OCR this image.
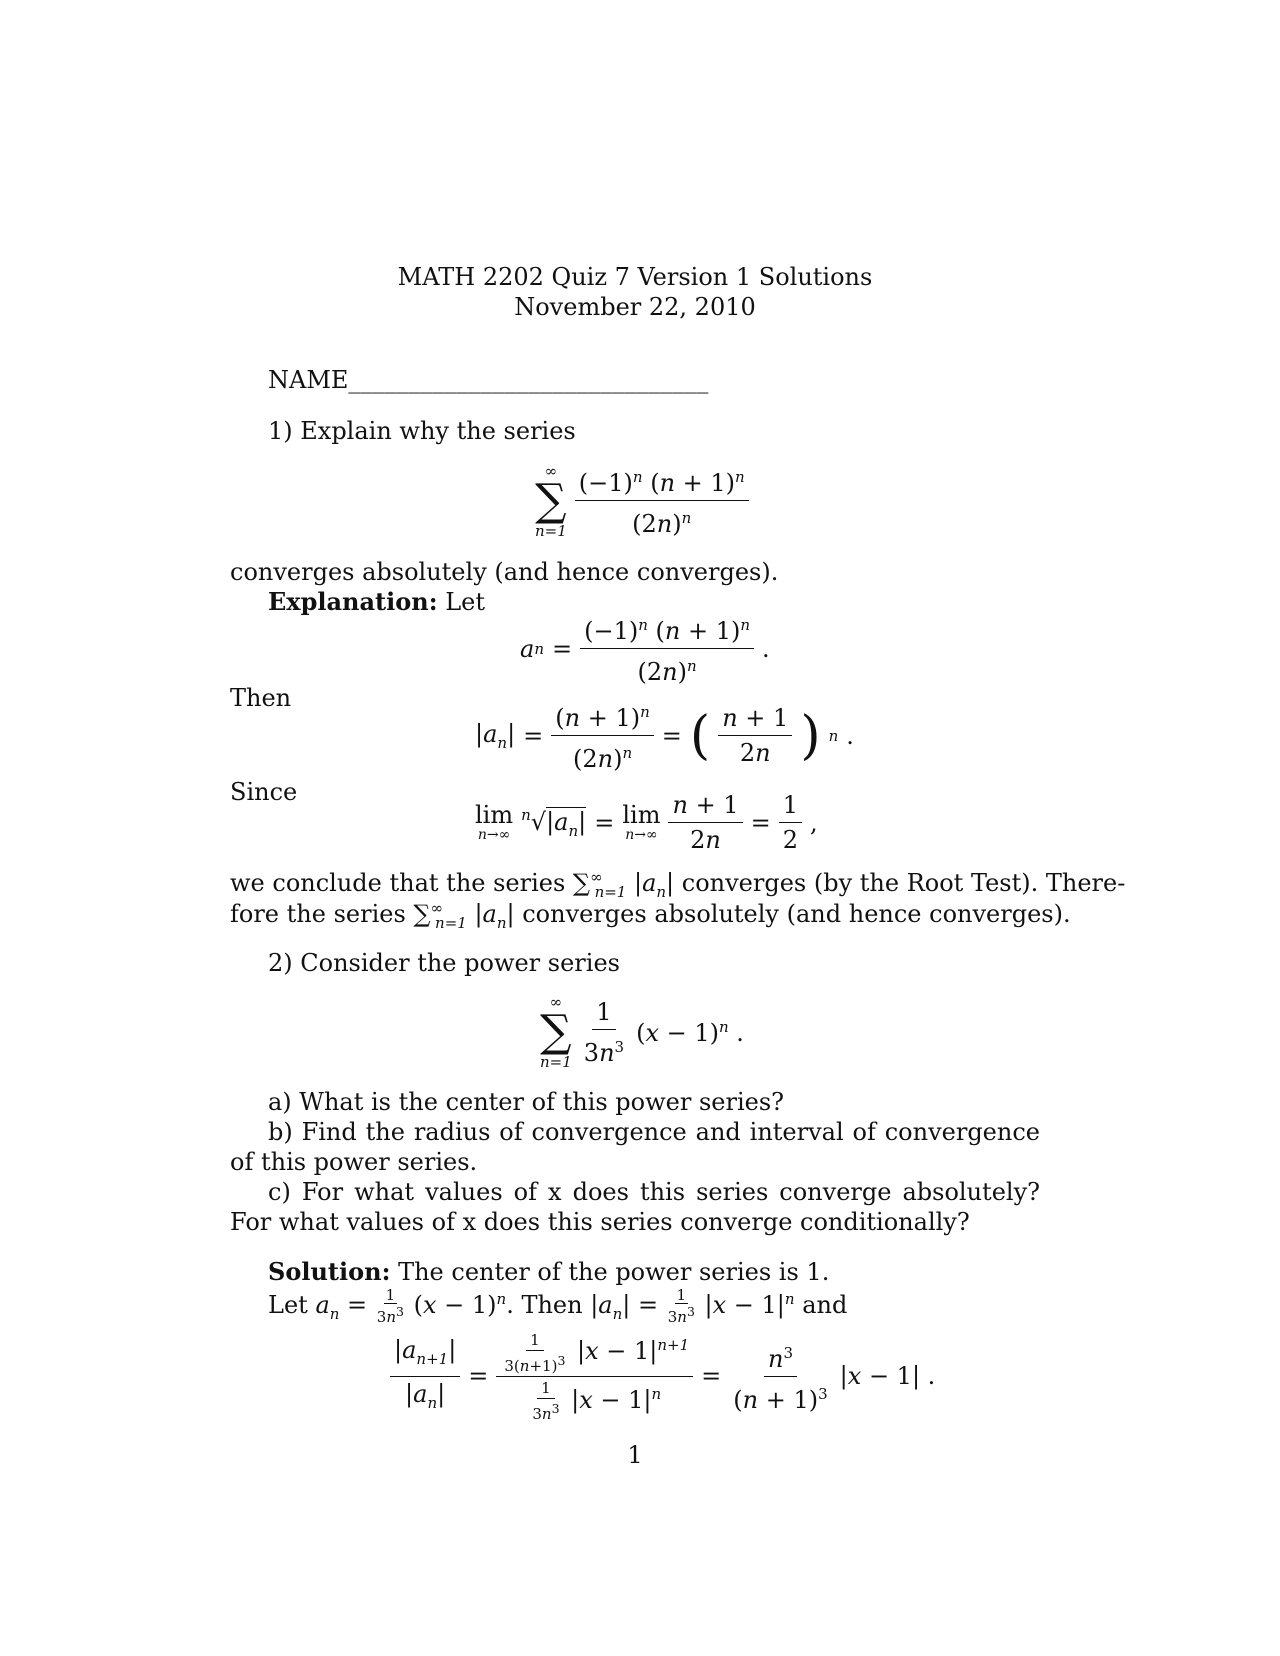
MATH 2202 Quiz 7 Version 1 Solutions
November 22, 2010
NAME______________________________
1) Explain why the series
∞
∑
$n=1 \frac{(-1)^n (n + 1)^n}{(2n)^n}$
converges absolutely (and hence converges).
Explanation: Let
a $n = \frac{(-1)^n (n + 1)^n}{(2n)^n}$ .
Then
$|a_n| = \frac{(n + 1)^n}{(2n)^n}$ = ( $\frac{n + 1}{2n}$ ) n .
Since
lim
n→∞
$^n√|a_n| = \lim$
$n\to\infty \frac{n + 1}{2n} = \frac{1}{2}$ ,
we conclude that the series $\sum^\infty_{n=1}$ $|a_n|$ converges (by the Root Test). There-
fore the series $\sum^\infty_{n=1}$ $|a_n|$ converges absolutely (and hence converges).
2) Consider the power series
∞
∑
$n=1 \frac{1}{3n^3} (x - 1)^n$ .
a) What is the center of this power series?
b) Find the radius of convergence and interval of convergence of this power series.
c) For what values of x does this series converge absolutely? For what values of x does this series converge conditionally?
Solution: The center of the power series is 1.
Let $a_n = \frac{1}{3n^3} (x - 1)^n$. Then $|a_n| = \frac{1}{3n^3} |x - 1|^n$ and
$\frac{|a_{n+1}|}{|a_n|} = \frac{\frac{1}{3(n+1)^3} |x - 1|^{n+1}}{\frac{1}{3n^3} |x - 1|^n} = \frac{n^3}{(n + 1)^3} |x - 1|$ .
1
